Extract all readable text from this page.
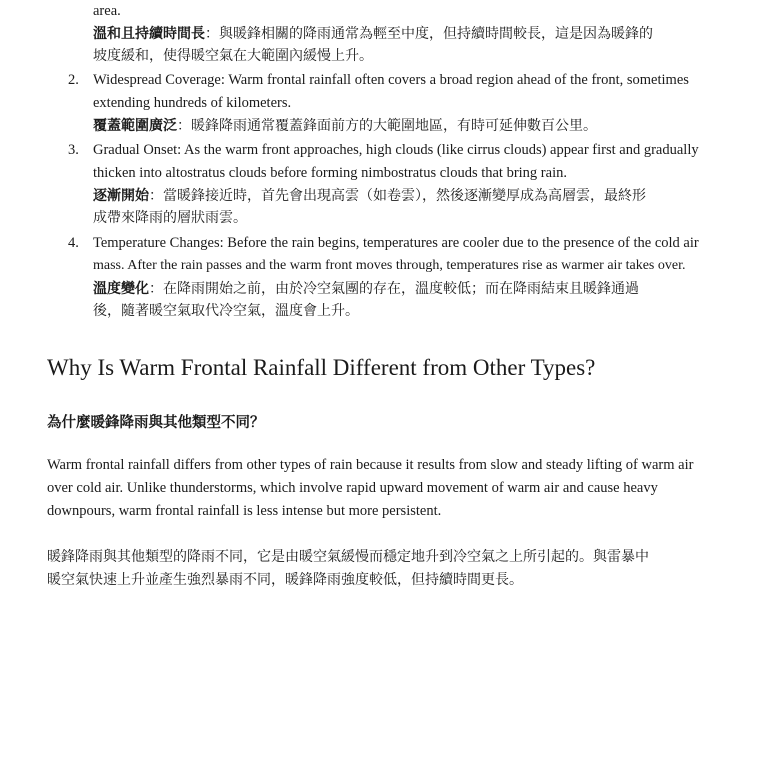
area.
溫和且持續時間長：與暖鋒相關的降雨通常為輕至中度，但持續時間較長，這是因為暖鋒的
坡度緩和，使得暖空氣在大範圍內緩慢上升。
2. Widespread Coverage: Warm frontal rainfall often covers a broad region ahead of the front, sometimes
extending hundreds of kilometers.
覆蓋範圍廣泛：暖鋒降雨通常覆蓋鋒面前方的大範圍地區，有時可延伸數百公里。
3. Gradual Onset: As the warm front approaches, high clouds (like cirrus clouds) appear first and gradually
thicken into altostratus clouds before forming nimbostratus clouds that bring rain.
逐漸開始：當暖鋒接近時，首先會出現高雲（如卷雲），然後逐漸變厚成為高層雲，最終形
成帶來降雨的層狀雨雲。
4. Temperature Changes: Before the rain begins, temperatures are cooler due to the presence of the cold air
mass. After the rain passes and the warm front moves through, temperatures rise as warmer air takes over.
溫度變化：在降雨開始之前，由於冷空氣團的存在，溫度較低；而在降雨結束且暖鋒通過
後，隨著暖空氣取代冷空氣，溫度會上升。
Why Is Warm Frontal Rainfall Different from Other Types?
為什麼暖鋒降雨與其他類型不同？
Warm frontal rainfall differs from other types of rain because it results from slow and steady lifting of warm air
over cold air. Unlike thunderstorms, which involve rapid upward movement of warm air and cause heavy
downpours, warm frontal rainfall is less intense but more persistent.
暖鋒降雨與其他類型的降雨不同，它是由暖空氣緩慢而穩定地升到冷空氣之上所引起的。與雷暴中
暖空氣快速上升並產生強烈暴雨不同，暖鋒降雨強度較低，但持續時間更長。
